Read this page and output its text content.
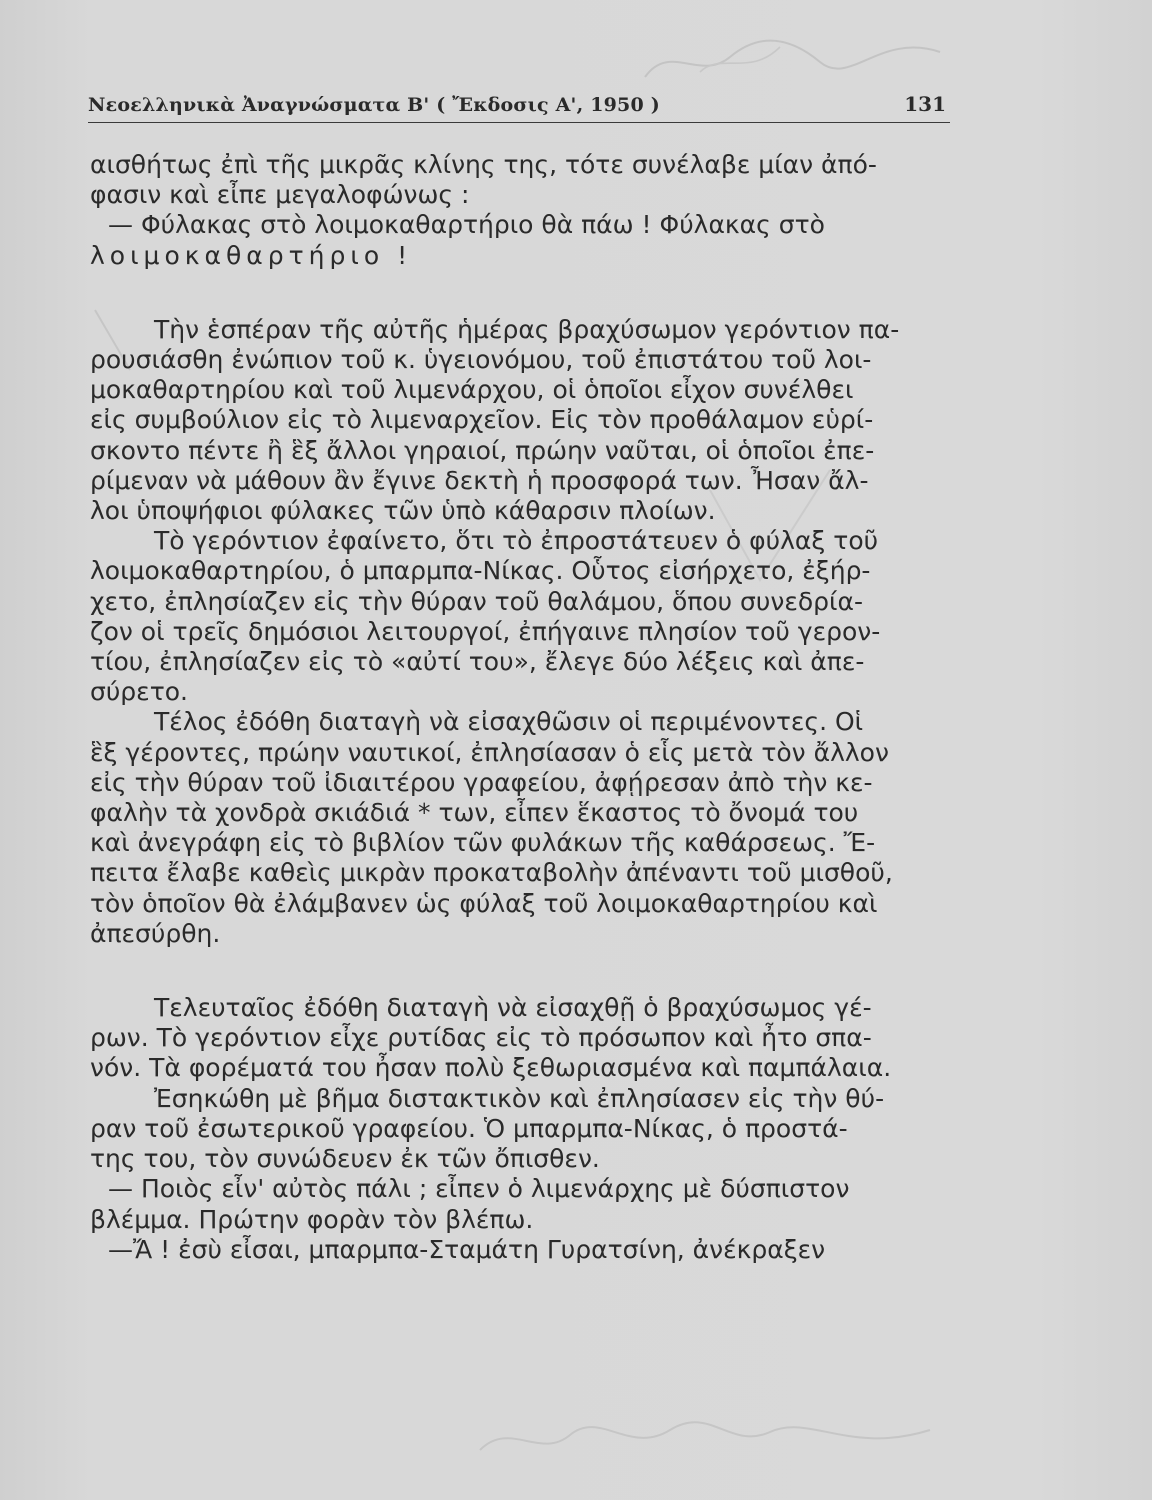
Νεοελληνικὰ Ἀναγνώσματα Β' ( Ἔκδοσις Α', 1950 )	131
αισθήτως ἐπὶ τῆς μικρᾶς κλίνης της, τότε συνέλαβε μίαν ἀπό-
φασιν καὶ εἶπε μεγαλοφώνως :
— Φύλακας στὸ λοιμοκαθαρτήριο θὰ πάω ! Φύλακας στὸ
λοιμοκαθαρτήριο !
Τὴν ἑσπέραν τῆς αὐτῆς ἡμέρας βραχύσωμον γερόντιον πα-
ρουσιάσθη ἐνώπιον τοῦ κ. ὑγειονόμου, τοῦ ἐπιστάτου τοῦ λοι-
μοκαθαρτηρίου καὶ τοῦ λιμενάρχου, οἱ ὁποῖοι εἶχον συνέλθει
εἰς συμβούλιον εἰς τὸ λιμεναρχεῖον. Εἰς τὸν προθάλαμον εὑρί-
σκοντο πέντε ἢ ἓξ ἄλλοι γηραιοί, πρώην ναῦται, οἱ ὁποῖοι ἐπε-
ρίμεναν νὰ μάθουν ἂν ἔγινε δεκτὴ ἡ προσφορά των. Ἦσαν ἄλ-
λοι ὑποψήφιοι φύλακες τῶν ὑπὸ κάθαρσιν πλοίων.
Τὸ γερόντιον ἐφαίνετο, ὅτι τὸ ἐπροστάτευεν ὁ φύλαξ τοῦ
λοιμοκαθαρτηρίου, ὁ μπαρμπα-Νίκας. Οὗτος εἰσήρχετο, ἐξήρ-
χετο, ἐπλησίαζεν εἰς τὴν θύραν τοῦ θαλάμου, ὅπου συνεδρία-
ζον οἱ τρεῖς δημόσιοι λειτουργοί, ἐπήγαινε πλησίον τοῦ γερον-
τίου, ἐπλησίαζεν εἰς τὸ «αὐτί του», ἔλεγε δύο λέξεις καὶ ἀπε-
σύρετο.
Τέλος ἐδόθη διαταγὴ νὰ εἰσαχθῶσιν οἱ περιμένοντες. Οἱ
ἓξ γέροντες, πρώην ναυτικοί, ἐπλησίασαν ὁ εἷς μετὰ τὸν ἄλλον
εἰς τὴν θύραν τοῦ ἰδιαιτέρου γραφείου, ἀφῄρεσαν ἀπὸ τὴν κε-
φαλὴν τὰ χονδρὰ σκιάδιά * των, εἶπεν ἕκαστος τὸ ὄνομά του
καὶ ἀνεγράφη εἰς τὸ βιβλίον τῶν φυλάκων τῆς καθάρσεως. Ἔ-
πειτα ἔλαβε καθεὶς μικρὰν προκαταβολὴν ἀπέναντι τοῦ μισθοῦ,
τὸν ὁποῖον θὰ ἐλάμβανεν ὡς φύλαξ τοῦ λοιμοκαθαρτηρίου καὶ
ἀπεσύρθη.
Τελευταῖος ἐδόθη διαταγὴ νὰ εἰσαχθῇ ὁ βραχύσωμος γέ-
ρων. Τὸ γερόντιον εἶχε ρυτίδας εἰς τὸ πρόσωπον καὶ ἦτο σπα-
νόν. Τὰ φορέματά του ἦσαν πολὺ ξεθωριασμένα καὶ παμπάλαια.
Ἐσηκώθη μὲ βῆμα διστακτικὸν καὶ ἐπλησίασεν εἰς τὴν θύ-
ραν τοῦ ἐσωτερικοῦ γραφείου. Ὁ μπαρμπα-Νίκας, ὁ προστά-
της του, τὸν συνώδευεν ἐκ τῶν ὄπισθεν.
— Ποιὸς εἶν' αὐτὸς πάλι ; εἶπεν ὁ λιμενάρχης μὲ δύσπιστον
βλέμμα. Πρώτην φορὰν τὸν βλέπω.
—Ἄ ! ἐσὺ εἶσαι, μπαρμπα-Σταμάτη Γυρατσίνη, ἀνέκραξεν
